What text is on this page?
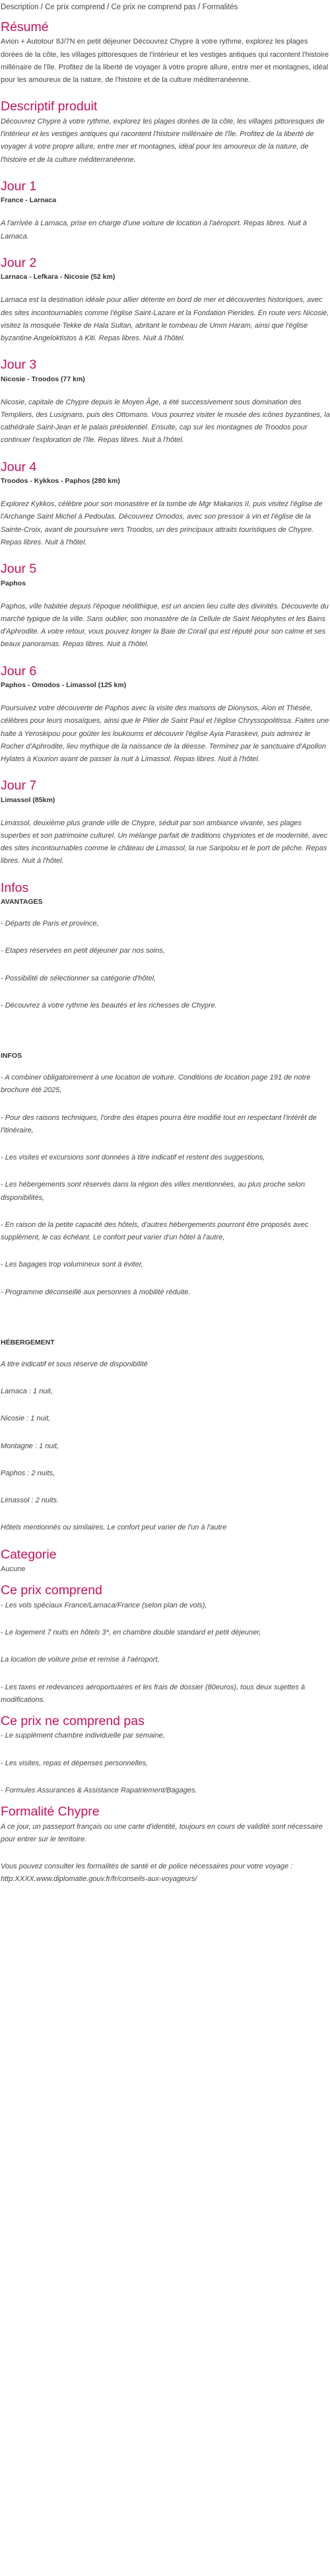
Description / Ce prix comprend / Ce prix ne comprend pas / Formalités
Résumé

Avion + Autotour 8J/7N en petit déjeuner Découvrez Chypre à votre rythme, explorez les plages dorées de la côte, les villages pittoresques de l'intérieur et les vestiges antiques qui racontent l'histoire millénaire de l'île. Profitez de la liberté de voyager à votre propre allure, entre mer et montagnes, idéal pour les amoureux de la nature, de l'histoire et de la culture méditerranéenne.

Descriptif produit

Découvrez Chypre à votre rythme, explorez les plages dorées de la côte, les villages pittoresques de l'intérieur et les vestiges antiques qui racontent l'histoire millénaire de l'île. Profitez de la liberté de voyager à votre propre allure, entre mer et montagnes, idéal pour les amoureux de la nature, de l'histoire et de la culture méditerranéenne.

Jour 1
France - Larnaca

A l'arrivée à Larnaca, prise en charge d'une voiture de location à l'aéroport. Repas libres. Nuit à Larnaca.

Jour 2
Larnaca - Lefkara - Nicosie (52 km)

Larnaca est la destination idéale pour allier détente en bord de mer et découvertes historiques, avec des sites incontournables comme l'église Saint-Lazare et la Fondation Pierides. En route vers Nicosie, visitez la mosquée Tekke de Hala Sultan, abritant le tombeau de Umm Haram, ainsi que l'église byzantine Angeloktistos à Kiti. Repas libres. Nuit à l'hôtel.

Jour 3
Nicosie - Troodos (77 km)

Nicosie, capitale de Chypre depuis le Moyen Âge, a été successivement sous domination des Templiers, des Lusignans, puis des Ottomans. Vous pourrez visiter le musée des icônes byzantines, la cathédrale Saint-Jean et le palais présidentiel. Ensuite, cap sur les montagnes de Troodos pour continuer l'exploration de l'île. Repas libres. Nuit à l'hôtel.

Jour 4
Troodos - Kykkos - Paphos (280 km)

Explorez Kykkos, célèbre pour son monastère et la tombe de Mgr Makarios II, puis visitez l'église de l'Archange Saint Michel à Pedoulas. Découvrez Omodos, avec son pressoir à vin et l'église de la Sainte-Croix, avant de poursuivre vers Troodos, un des principaux attraits touristiques de Chypre. Repas libres. Nuit à l'hôtel.

Jour 5
Paphos

Paphos, ville habitée depuis l'époque néolithique, est un ancien lieu culte des divinités. Découverte du marché typique de la ville. Sans oublier, son monastère de la Cellule de Saint Néophytes et les Bains d'Aphrodite. A votre retour, vous pouvez longer la Baie de Corail qui est réputé pour son calme et ses beaux panoramas. Repas libres. Nuit à l'hôtel.

Jour 6
Paphos - Omodos - Limassol (125 km)

Poursuivez votre découverte de Paphos avec la visite des maisons de Dionysos, Aion et Thésée, célèbres pour leurs mosaïques, ainsi que le Pilier de Saint Paul et l'église Chryssopolitissa. Faites une halte à Yeroskipou pour goûter les loukoums et découvrir l'église Ayia Paraskevi, puis admirez le Rocher d'Aphrodite, lieu mythique de la naissance de la déesse. Terminez par le sanctuaire d'Apollon Hylates à Kourion avant de passer la nuit à Limassol. Repas libres. Nuit à l'hôtel.

Jour 7
Limassol (85km)

Limassol, deuxième plus grande ville de Chypre, séduit par son ambiance vivante, ses plages superbes et son patrimoine culturel. Un mélange parfait de traditions chypriotes et de modernité, avec des sites incontournables comme le château de Limassol, la rue Saripolou et le port de pêche. Repas libres. Nuit à l'hôtel.

Infos
AVANTAGES

- Départs de Paris et province,

- Etapes réservées en petit déjeuner par nos soins,

- Possibilité de sélectionner sa catégorie d'hôtel,

- Découvrez à votre rythme les beautés et les richesses de Chypre.

INFOS

- A combiner obligatoirement à une location de voiture. Conditions de location page 191 de notre brochure été 2025,

- Pour des raisons techniques, l'ordre des étapes pourra être modifié tout en respectant l'intérêt de l'itinéraire,

- Les visites et excursions sont données à titre indicatif et restent des suggestions,

- Les hébergements sont réservés dans la région des villes mentionnées, au plus proche selon disponibilités,

- En raison de la petite capacité des hôtels, d'autres hébergements pourront être proposés avec supplément, le cas échéant. Le confort peut varier d'un hôtel à l'autre,

- Les bagages trop volumineux sont à éviter,

- Programme déconseillé aux personnes à mobilité réduite.

HÉBERGEMENT

A titre indicatif et sous réserve de disponibilité

Larnaca : 1 nuit,

Nicosie : 1 nuit,

Montagne : 1 nuit,

Paphos : 2 nuits,

Limassol : 2 nuits.

Hôtels mentionnés ou similaires. Le confort peut varier de l'un à l'autre

Categorie

Aucune

Ce prix comprend

- Les vols spéciaux France/Larnaca/France (selon plan de vols),

- Le logement 7 nuits en hôtels 3*, en chambre double standard et petit déjeuner,

La location de voiture prise et remise à l'aéroport,

- Les taxes et redevances aéroportuaires et les frais de dossier (80euros), tous deux sujettes à modifications.

Ce prix ne comprend pas

- Le supplément chambre individuelle par semaine,

- Les visites, repas et dépenses personnelles,

- Formules Assurances & Assistance Rapatriement/Bagages.

Formalité Chypre

A ce jour, un passeport français ou une carte d'identité, toujours en cours de validité sont nécessaire pour entrer sur le territoire.

Vous pouvez consulter les formalités de santé et de police nécessaires pour votre voyage : http:XXXX.www.diplomatie.gouv.fr/fr/conseils-aux-voyageurs/
